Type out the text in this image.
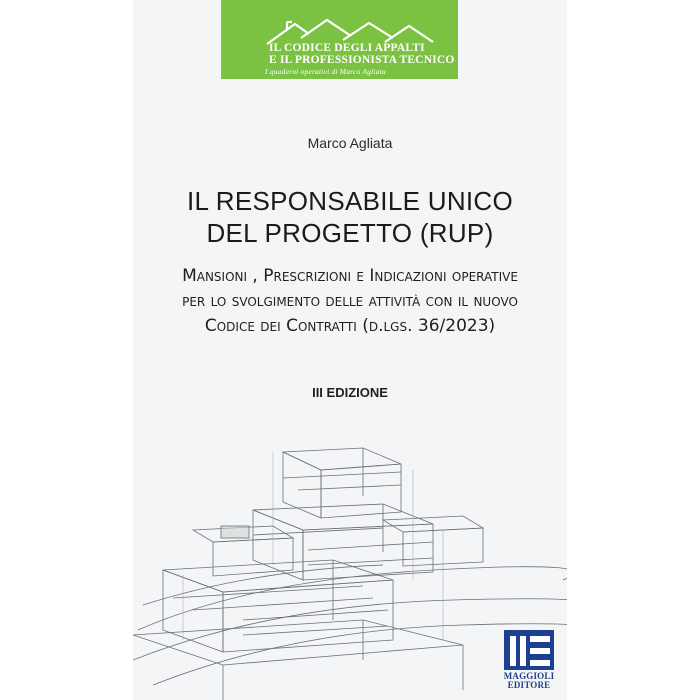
IL CODICE DEGLI APPALTI
E IL PROFESSIONISTA TECNICO
I quaderni operativi di Marco Agliata
Marco Agliata
IL RESPONSABILE UNICO
DEL PROGETTO (RUP)
Mansioni , Prescrizioni e Indicazioni operative
per lo svolgimento delle attività con il nuovo
Codice dei Contratti (d.lgs. 36/2023)
III EDIZIONE
MAGGIOLI
EDITORE
